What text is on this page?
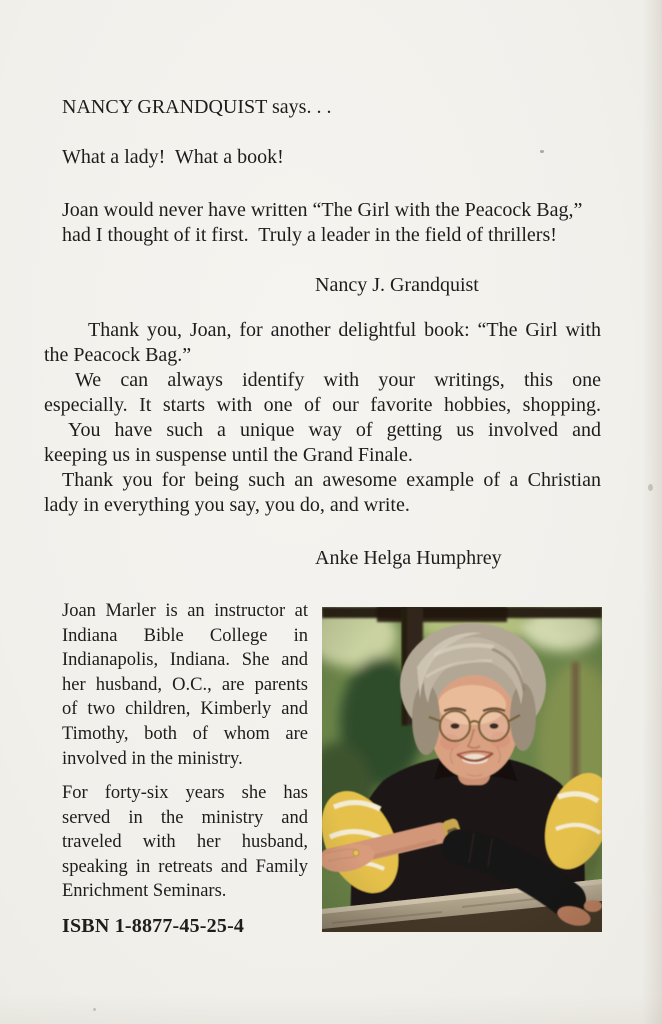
NANCY GRANDQUIST says. . .

What a lady!  What a book!

Joan would never have written “The Girl with the Peacock Bag,”
had I thought of it first.  Truly a leader in the field of thrillers!

Nancy J. Grandquist

Thank you, Joan, for another delightful book: “The Girl with
the Peacock Bag.”
We can always identify with your writings, this one
especially. It starts with one of our favorite hobbies, shopping.
You have such a unique way of getting us involved and
keeping us in suspense until the Grand Finale.
Thank you for being such an awesome example of a Christian
lady in everything you say, you do, and write.

Anke Helga Humphrey

Joan Marler is an instructor at
Indiana Bible College in
Indianapolis, Indiana. She and
her husband, O.C., are parents
of two children, Kimberly and
Timothy, both of whom are
involved in the ministry.
For forty-six years she has
served in the ministry and
traveled with her husband,
speaking in retreats and Family
Enrichment Seminars.

ISBN 1-8877-45-25-4
